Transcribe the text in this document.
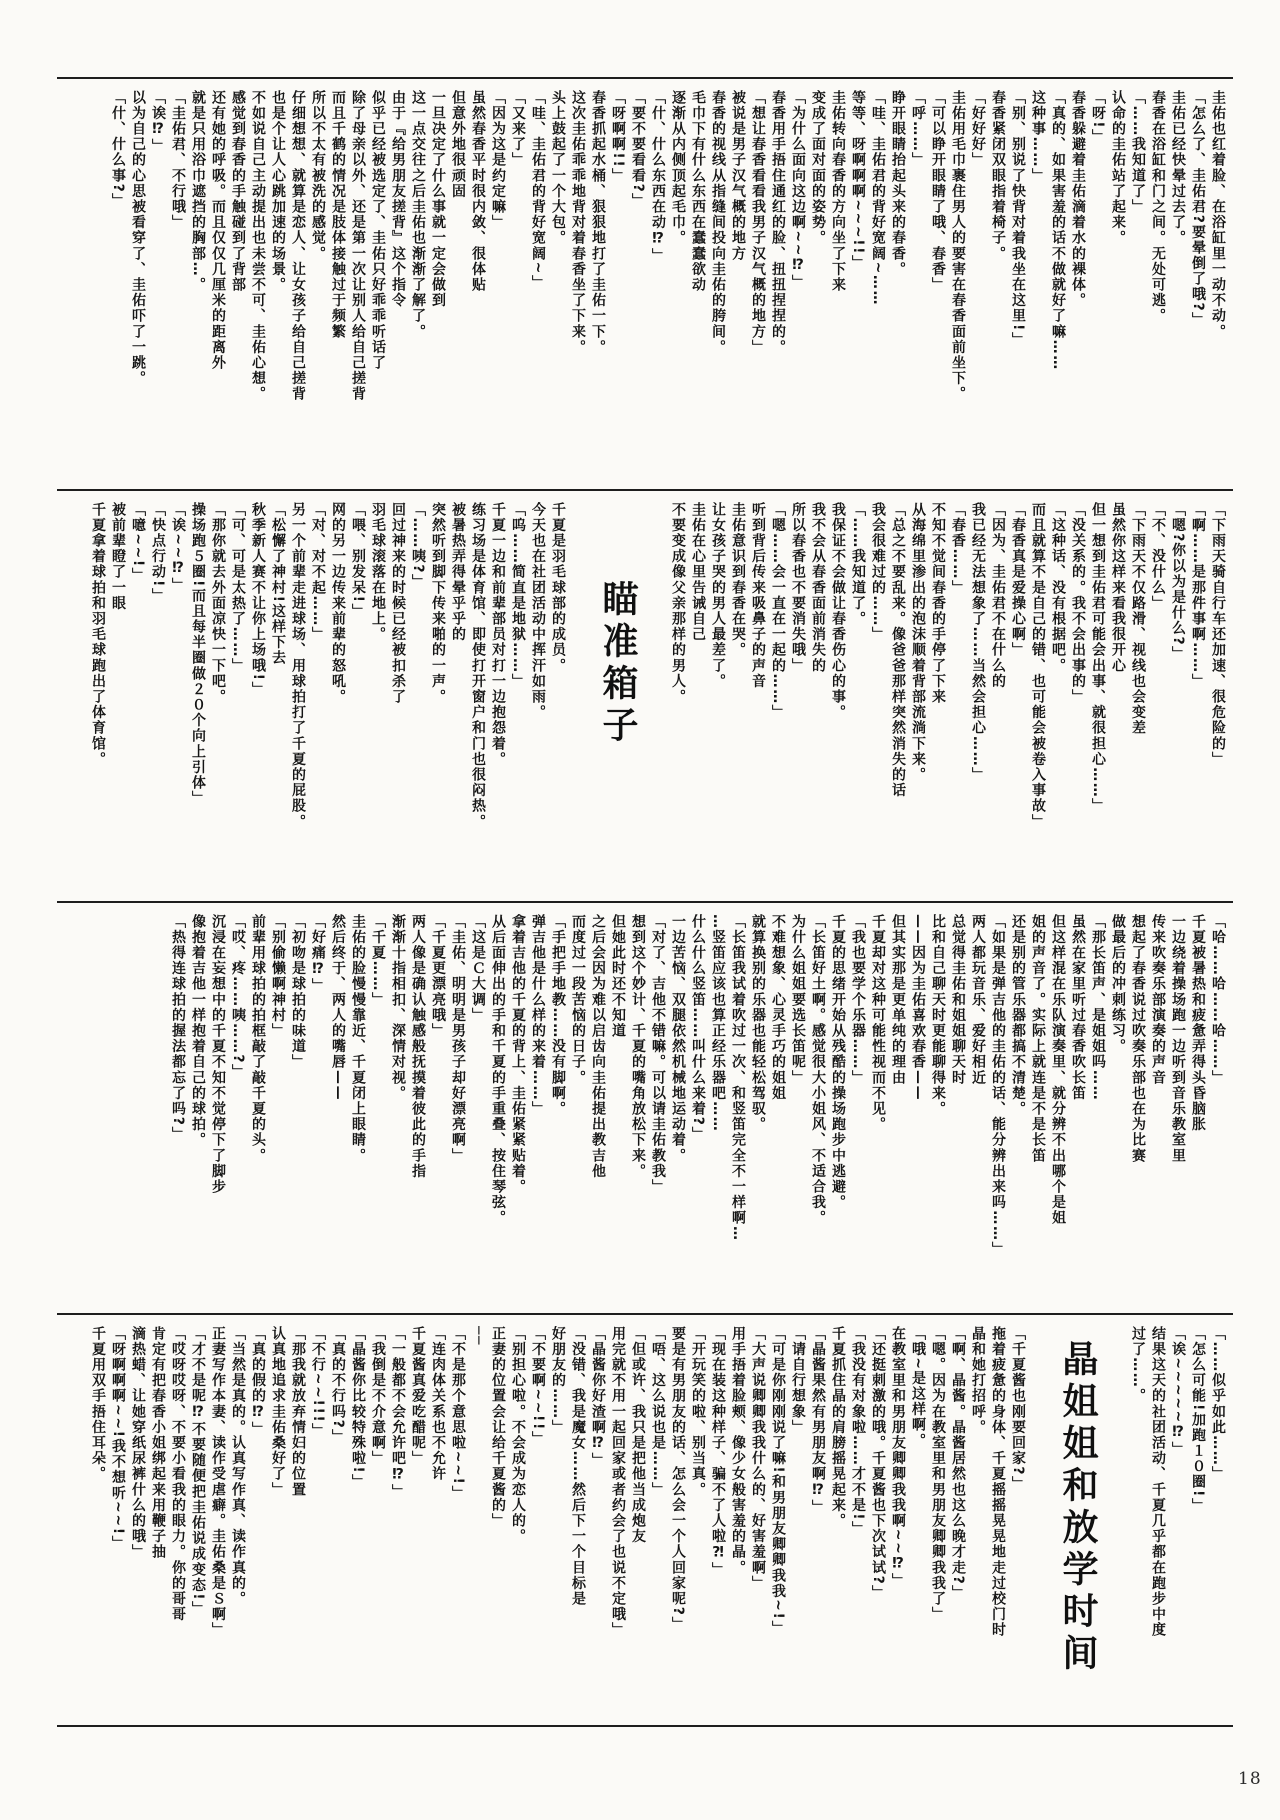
圭佑也红着脸、在浴缸里一动不动。

「怎么了、圭佑君?要晕倒了哦?」

圭佑已经快晕过去了。

春香在浴缸和门之间。无处可逃。

「……我知道了」

认命的圭佑站了起来。

「呀!」

春香躲避着圭佑滴着水的裸体。

「真的、如果害羞的话不做就好了嘛……

这种事……」

「别、别说了快背对着我坐在这里!」

春香紧闭双眼指着椅子。

「好好好」

圭佑用毛巾裹住男人的要害在春香面前坐下。

「可以睁开眼睛了哦、春香」

「呼……」

睁开眼睛抬起头来的春香。

「哇、圭佑君的背好宽阔~……

等等、呀啊啊啊~~~!!」

圭佑转向春香的方向坐了下来

变成了面对面的姿势。

「为什么面向这边啊~~⁉」

春香用手捂住通红的脸、扭扭捏捏的。

「想让春香看看我男子汉气概的地方」

被说是男子汉气概的地方

春香的视线从指缝间投向圭佑的胯间。

毛巾下有什么东西在蠢蠢欲动

逐渐从内侧顶起毛巾。

「什、什么东西在动⁉」

「要不要看看?」

「呀啊啊!!」

春香抓起水桶、狠狠地打了圭佑一下。

这次圭佑乖乖地背对着春香坐了下来。

头上鼓起了一个大包。

「哇、圭佑君的背好宽阔~」

「又来了」

「因为这是约定嘛」

虽然春香平时很内敛、很体贴

但意外地很顽固

一旦决定了什么事就一定会做到

这一点交往之后圭佑也渐渐了解了。

由于『给男朋友搓背』这个指令

似乎已经被选定了、圭佑只好乖乖听话了

除了母亲以外、还是第一次让别人给自己搓背

而且千鹤的情况是肢体接触过于频繁

所以不太有被洗的感觉。

仔细想想、就算是恋人、让女孩子给自己搓背

也是个让人心跳加速的场景。

不如说自己主动提出也未尝不可、圭佑心想。

感觉到春香的手触碰到了背部

还有她的呼吸。而且仅仅几厘米的距离外

就是只用浴巾遮挡的胸部…。

「圭佑君、不行哦」

「诶⁉」

以为自己的心思被看穿了、圭佑吓了一跳。

「什、什么事?」

「下雨天骑自行车还加速、很危险的」

「啊……是那件事啊……」

「嗯?你以为是什么?」

「不、没什么」

「下雨天不仅路滑、视线也会变差

虽然你这样来看我很开心

但一想到圭佑君可能会出事、就很担心……」

「没关系的。我不会出事的」

「这种话、没有根据吧。

而且就算不是自己的错、也可能会被卷入事故」

「春香真是爱操心啊」

「因为、圭佑君不在什么的

我已经无法想象了……当然会担心……」

「春香……」

不知不觉间春香的手停了下来

从海绵里渗出的泡沫顺着背部流淌下来。

「总之不要乱来。像爸爸那样突然消失的话

我会很难过的……」

「……我知道了。

我保证不会做让春香伤心的事。

我不会从春香面前消失的

所以春香也不要消失哦」

「嗯……会一直在一起的……」

听到背后传来吸鼻子的声音

圭佑意识到春香在哭。

让女孩子哭的男人最差了。

圭佑在心里告诫自己

不要变成像父亲那样的男人。

瞄准箱子

千夏是羽毛球部的成员。

今天也在社团活动中挥汗如雨。

「呜……简直是地狱……」

千夏一边和前辈部员对打一边抱怨着。

练习场是体育馆、即使打开窗户和门也很闷热。

被暑热弄得晕乎乎的

突然听到脚下传来啪的一声。

「……咦?」

回过神来的时候已经被扣杀了

羽毛球滚落在地上。

「喂、别发呆!」

网的另一边传来前辈的怒吼。

「对、对不起……」

另一个前辈走进球场、用球拍打了千夏的屁股。

「松懈了神村!这样下去

秋季新人赛不让你上场哦!」

「可、可是太热了……」

「那你就去外面凉快一下吧。

操场跑５圈!而且每半圈做２０个向上引体」

「诶~~⁉」

「快点行动!」

「噫~~!」

被前辈瞪了一眼

千夏拿着球拍和羽毛球跑出了体育馆。

「哈……哈……哈……」

千夏被暑热和疲惫弄得头昏脑胀

一边绕着操场跑一边听到音乐教室里

传来吹奏乐部演奏的声音

想起了春香说过吹奏乐部也在为比赛

做最后的冲刺练习。

「那长笛声、是姐姐吗……

虽然在家里听过春香吹长笛

但这样混在乐队演奏里、就分辨不出哪个是姐

姐的声音了。实际上就连是不是长笛

还是别的管乐器都搞不清楚。

「如果是弹吉他的圭佑的话、能分辨出来吗……」

两人都玩音乐、爱好相近

总觉得圭佑和姐姐聊天时

比和自己聊天时更能聊得来。

——因为圭佑喜欢春香——

但其实那是更单纯的理由

千夏却对这种可能性视而不见。

「我也要学个乐器……」

千夏的思绪开始从残酷的操场跑步中逃避。

「长笛好土啊。感觉很大小姐风、不适合我。

为什么姐姐要选长笛呢」

不难想象、心灵手巧的姐姐

就算换别的乐器也能轻松驾驭。

「长笛我试着吹过一次、和竖笛完全不一样啊…

…竖笛应该也算正经乐器吧……

什么什么竖笛……叫什么来着?」

一边苦恼、双腿依然机械地运动着。

「对了、吉他不错嘛。可以请圭佑教我」

想到这个妙计、千夏的嘴角放松下来。

但她此时还不知道

之后会因为难以启齿向圭佑提出教吉他

而度过一段苦恼的日子。

「手把手地教……没有脚啊。

弹吉他是什么样的来着……」

拿着吉他的千夏的背上、圭佑紧紧贴着。

从后面伸出的手和千夏的手重叠、按住琴弦。

「这是Ｃ大调」

「圭佑、明明是男孩子却好漂亮啊」

「千夏更漂亮哦」

两人像是确认触感般抚摸着彼此的手指

渐渐十指相扣、深情对视。

「千夏……」

圭佑的脸慢慢靠近、千夏闭上眼睛。

然后终于、两人的嘴唇——

「好痛⁉」

「初吻是球拍的味道」

「别偷懒啊神村」

前辈用球拍的拍框敲了敲千夏的头。

「哎、疼……咦……?」

沉浸在妄想中的千夏不知不觉停下了脚步

像抱着吉他一样抱着自己的球拍。

「热得连球拍的握法都忘了吗?」

「……似乎如此……」

「怎么可能!加跑１０圈!」

「诶~~~~~⁉」

结果这天的社团活动、千夏几乎都在跑步中度

过了……。

晶姐姐和放学时间

「千夏酱也刚要回家?」

拖着疲惫的身体、千夏摇摇晃晃地走过校门时

晶和她打招呼。

「啊、晶酱。晶酱居然也这么晚才走?」

「嗯。因为在教室里和男朋友卿卿我我了」

「哦~是这样啊。

在教室里和男朋友卿卿我我啊~~⁉」

「还挺刺激的哦。千夏酱也下次试试?」

「我没有对象啦……才不是!」

千夏抓住晶的肩膀摇晃起来。

「晶酱果然有男朋友啊⁉」

「请自行想象」

「可是你刚刚说了嘛!和男朋友卿卿我我~!」

「大声说卿卿我我什么的、好害羞啊」

用手捂着脸颊、像少女般害羞的晶。

「现在装这种样子、骗不了人啦⁈」

「开玩笑的啦、别当真。

要是有男朋友的话、怎么会一个人回家呢?」

「唔、这么说也是……」

「但或许、我只是把他当成炮友

用完就不用一起回家或者约会了也说不定哦」

「晶酱你好渣啊⁉」

「没错、我是魔女……然后下一个目标是

好朋友的……」

「不要啊~~!!」

「别担心啦。不会成为恋人的。

正妻的位置会让给千夏酱的」

──

「不是那个意思啦~~!」

「连肉体关系也不允许

千夏酱真爱吃醋呢」

「一般都不会允许吧⁉」

「我倒是不介意啊」

「晶酱你比较特殊啦!」

「真的不行吗?」

「不行~~!!!」

「那我就放弃情妇的位置

认真地追求圭佑桑好了」

「真的假的⁉」

「当然是真的。认真写作真、读作真的。

正妻写作本妻、读作受虐癖。圭佑桑是Ｓ啊」

「才不是呢⁉不要随便把圭佑说成变态!」

「哎呀哎呀、不要小看我的眼力。你的哥哥

肯定有把春香小姐绑起来用鞭子抽

滴热蜡、让她穿纸尿裤什么的哦」

「呀啊啊啊~~!我不想听~~!」

千夏用双手捂住耳朵。

18
